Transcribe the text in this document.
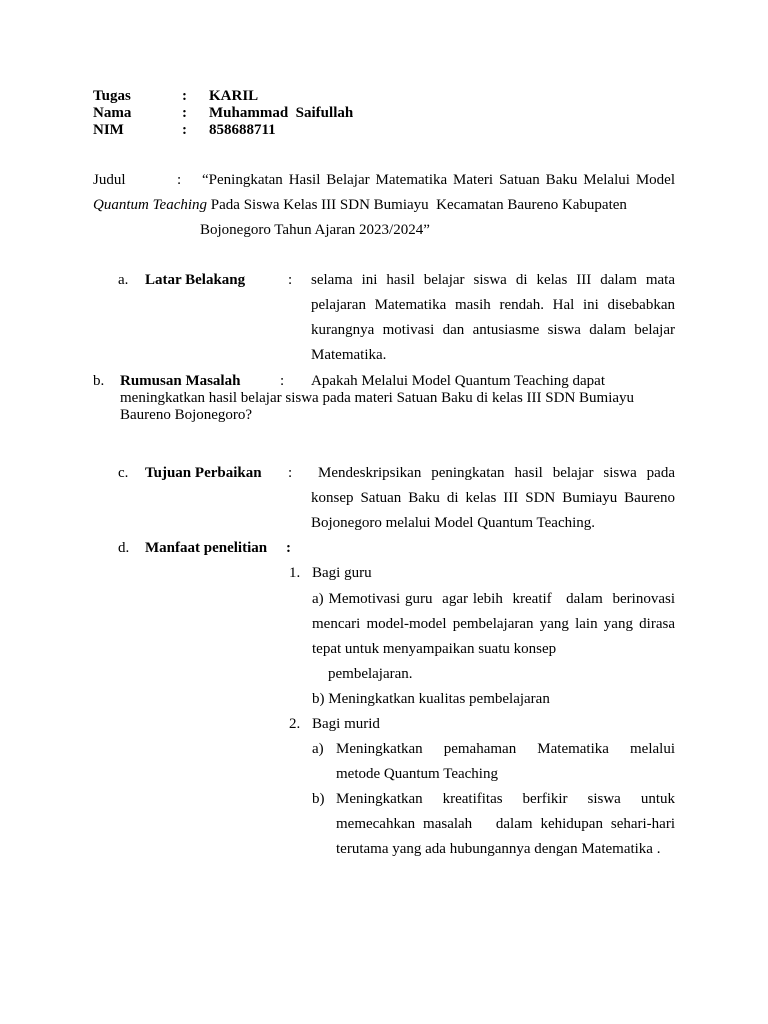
Tugas	: KARIL
Nama	: Muhammad  Saifullah
NIM	: 858688711
Judul	: “Peningkatan Hasil Belajar Matematika Materi Satuan Baku Melalui Model
Quantum Teaching Pada Siswa Kelas III SDN Bumiayu  Kecamatan Baureno Kabupaten
Bojonegoro Tahun Ajaran 2023/2024”
a. Latar Belakang	: selama ini hasil belajar siswa di kelas III dalam mata
pelajaran Matematika masih rendah. Hal ini disebabkan
kurangnya motivasi dan antusiasme siswa dalam belajar
Matematika.
b. Rumusan Masalah	: Apakah Melalui Model Quantum Teaching dapat
meningkatkan hasil belajar siswa pada materi Satuan Baku di kelas III SDN Bumiayu
Baureno Bojonegoro?
c. Tujuan Perbaikan : Mendeskripsikan peningkatan hasil belajar siswa pada
konsep Satuan Baku di kelas III SDN Bumiayu Baureno
Bojonegoro melalui Model Quantum Teaching.
d. Manfaat penelitian :
1. Bagi guru
a) Memotivasi guru  agar lebih  kreatif   dalam  berinovasi
mencari model-model pembelajaran yang lain yang dirasa
tepat untuk menyampaikan suatu konsep
pembelajaran.
b) Meningkatkan kualitas pembelajaran
2. Bagi murid
a) Meningkatkan pemahaman Matematika melalui
metode Quantum Teaching
b) Meningkatkan kreatifitas berfikir siswa untuk
memecahkan masalah   dalam kehidupan sehari-hari
terutama yang ada hubungannya dengan Matematika .
